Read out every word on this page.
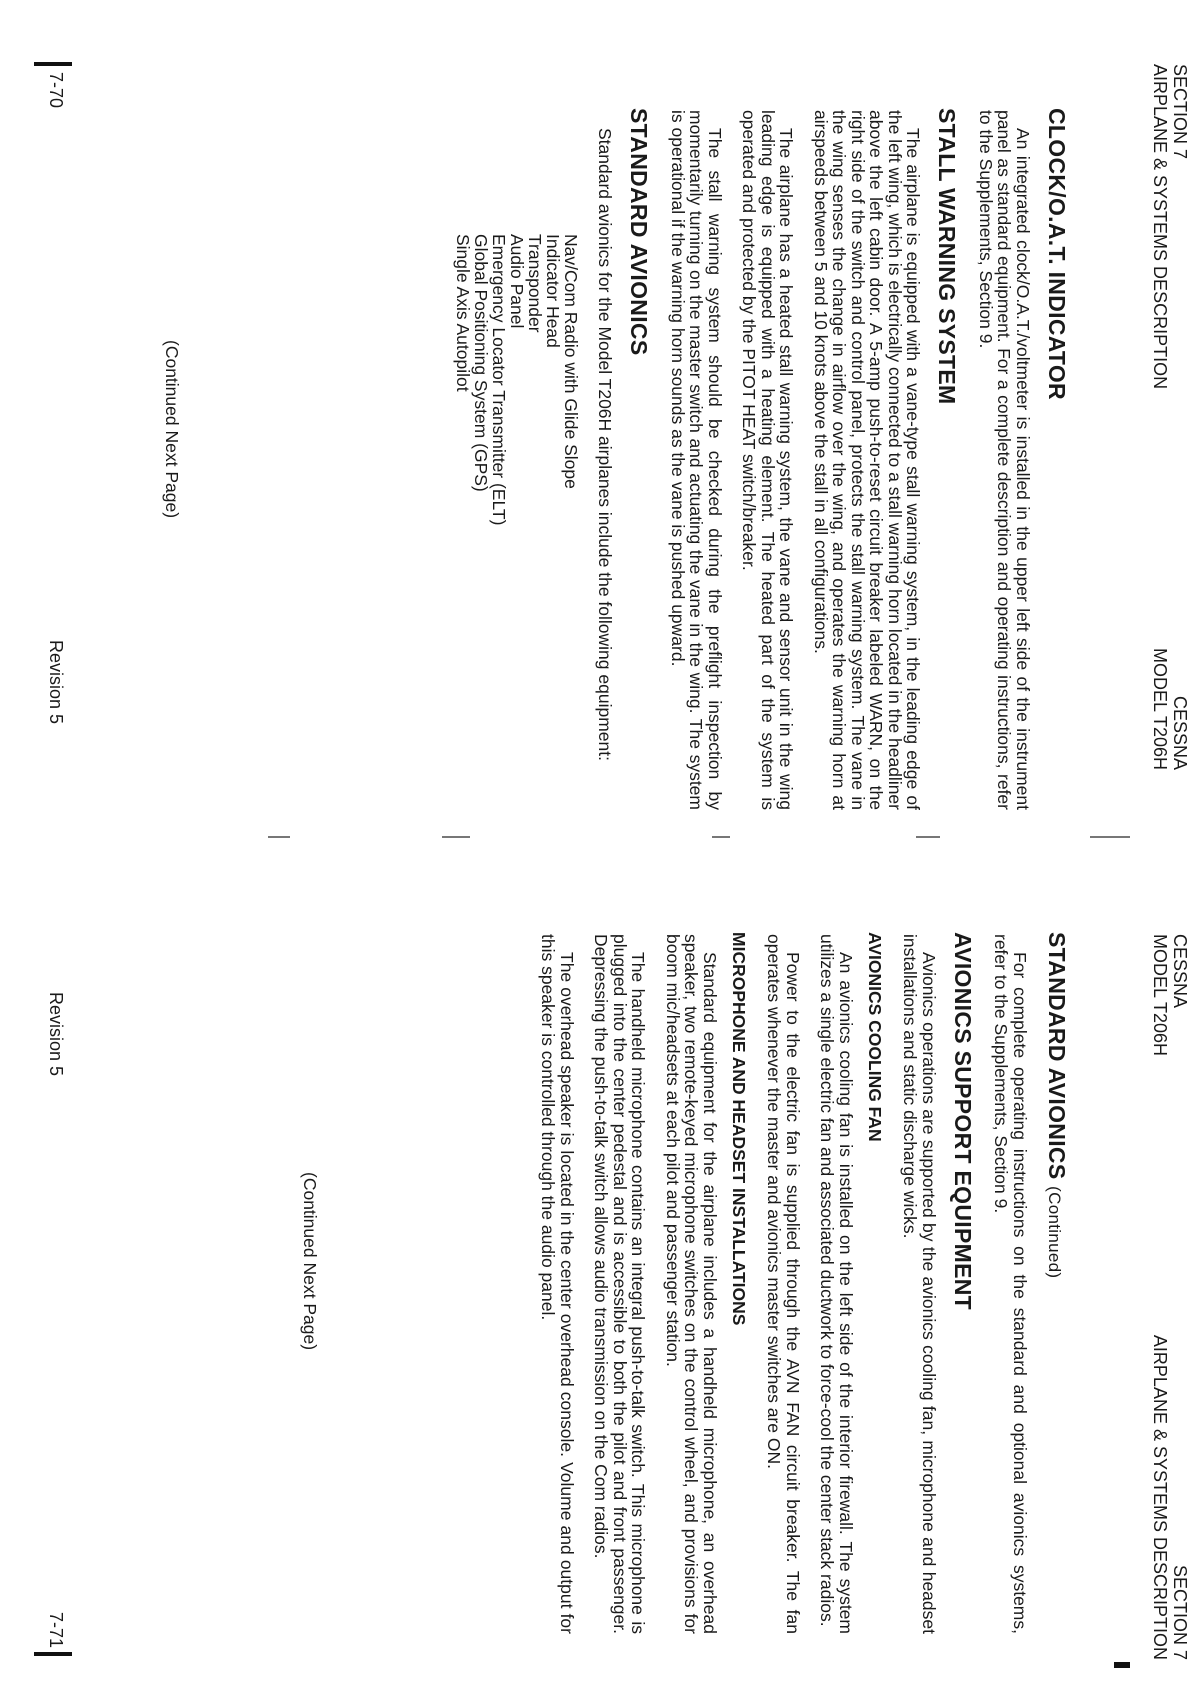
SECTION 7
AIRPLANE & SYSTEMS DESCRIPTION
CESSNA
MODEL T206H
CLOCK/O.A.T. INDICATOR

An integrated clock/O.A.T./voltmeter is installed in the upper left side of the instrument panel as standard equipment. For a complete description and operating instructions, refer to the Supplements, Section 9.

STALL WARNING SYSTEM

The airplane is equipped with a vane-type stall warning system, in the leading edge of the left wing, which is electrically connected to a stall warning horn located in the headliner above the left cabin door. A 5-amp push-to-reset circuit breaker labeled WARN, on the right side of the switch and control panel, protects the stall warning system. The vane in the wing senses the change in airflow over the wing, and operates the warning horn at airspeeds between 5 and 10 knots above the stall in all configurations.

The airplane has a heated stall warning system, the vane and sensor unit in the wing leading edge is equipped with a heating element. The heated part of the system is operated and protected by the PITOT HEAT switch/breaker.

The stall warning system should be checked during the preflight inspection by momentarily turning on the master switch and actuating the vane in the wing. The system is operational if the warning horn sounds as the vane is pushed upward.

STANDARD AVIONICS

Standard avionics for the Model T206H airplanes include the following equipment:

Nav/Com Radio with Glide Slope
Indicator Head
Transponder
Audio Panel
Emergency Locator Transmitter (ELT)
Global Positioning System (GPS)
Single Axis Autopilot
(Continued Next Page)
7-70
Revision 5
CESSNA
MODEL T206H
SECTION 7
AIRPLANE & SYSTEMS DESCRIPTION
STANDARD AVIONICS (Continued)

For complete operating instructions on the standard and optional avionics systems, refer to the Supplements, Section 9.

AVIONICS SUPPORT EQUIPMENT

Avionics operations are supported by the avionics cooling fan, microphone and headset installations and static discharge wicks.

AVIONICS COOLING FAN

An avionics cooling fan is installed on the left side of the interior firewall. The system utilizes a single electric fan and associated ductwork to force-cool the center stack radios.

Power to the electric fan is supplied through the AVN FAN circuit breaker. The fan operates whenever the master and avionics master switches are ON.

MICROPHONE AND HEADSET INSTALLATIONS

Standard equipment for the airplane includes a handheld microphone, an overhead speaker, two remote-keyed microphone switches on the control wheel, and provisions for boom mic/headsets at each pilot and passenger station.

The handheld microphone contains an integral push-to-talk switch. This microphone is plugged into the center pedestal and is accessible to both the pilot and front passenger. Depressing the push-to-talk switch allows audio transmission on the Com radios.

The overhead speaker is located in the center overhead console. Volume and output for this speaker is controlled through the audio panel.

(Continued Next Page)
Revision 5
7-71
